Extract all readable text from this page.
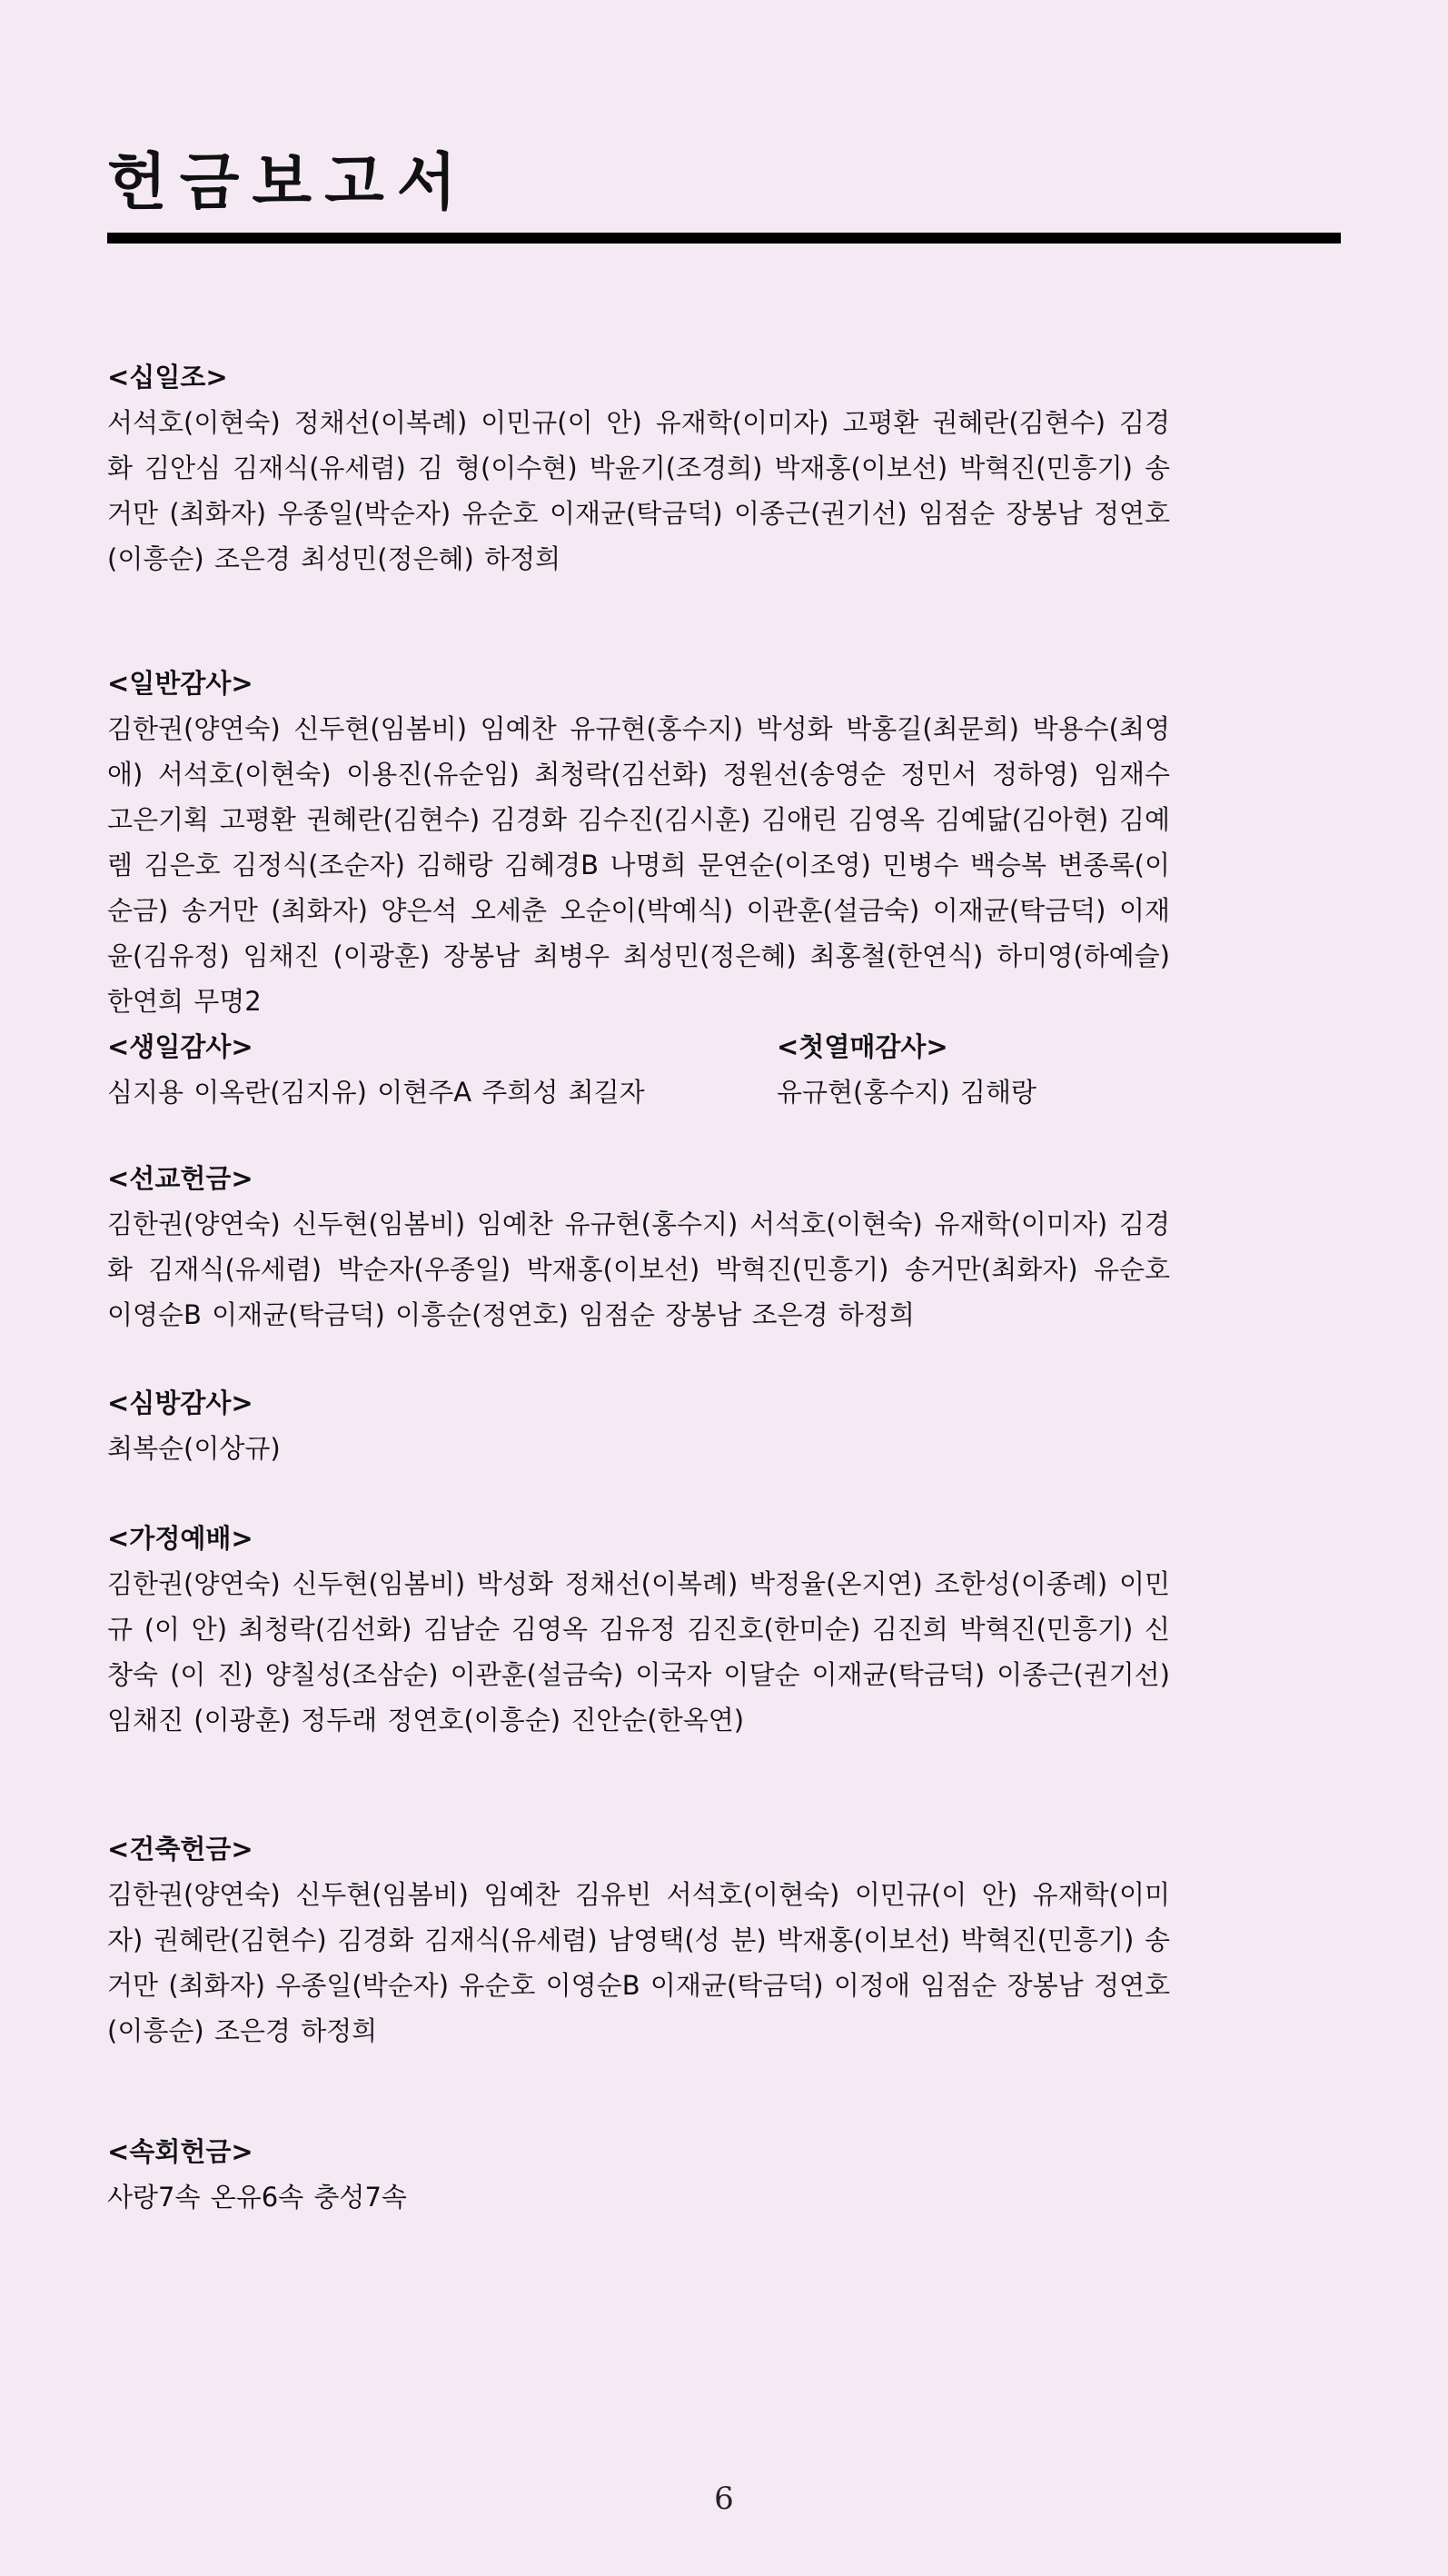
헌금보고서

<십일조>

서석호(이현숙) 정채선(이복례) 이민규(이 안) 유재학(이미자) 고평환 권혜란(김현수) 김경화 김안심 김재식(유세렴) 김 형(이수현) 박윤기(조경희) 박재홍(이보선) 박혁진(민흥기) 송거만 (최화자) 우종일(박순자) 유순호 이재균(탁금덕) 이종근(권기선) 임점순 장봉남 정연호(이흥순) 조은경 최성민(정은혜) 하정희

<일반감사>

김한권(양연숙) 신두현(임봄비) 임예찬 유규현(홍수지) 박성화 박홍길(최문희) 박용수(최영애) 서석호(이현숙) 이용진(유순임) 최청락(김선화) 정원선(송영순 정민서 정하영) 임재수 고은기획 고평환 권혜란(김현수) 김경화 김수진(김시훈) 김애린 김영옥 김예닮(김아현) 김예렘 김은호 김정식(조순자) 김해랑 김혜경B 나명희 문연순(이조영) 민병수 백승복 변종록(이순금) 송거만 (최화자) 양은석 오세춘 오순이(박예식) 이관훈(설금숙) 이재균(탁금덕) 이재윤(김유정) 임채진 (이광훈) 장봉남 최병우 최성민(정은혜) 최홍철(한연식) 하미영(하예슬) 한연희 무명2

<생일감사>

심지용 이옥란(김지유) 이현주A 주희성 최길자

<첫열매감사>

유규현(홍수지) 김해랑

<선교헌금>

김한권(양연숙) 신두현(임봄비) 임예찬 유규현(홍수지) 서석호(이현숙) 유재학(이미자) 김경화 김재식(유세렴) 박순자(우종일) 박재홍(이보선) 박혁진(민흥기) 송거만(최화자) 유순호 이영순B 이재균(탁금덕) 이흥순(정연호) 임점순 장봉남 조은경 하정희

<심방감사>

최복순(이상규)

<가정예배>

김한권(양연숙) 신두현(임봄비) 박성화 정채선(이복례) 박정율(온지연) 조한성(이종례) 이민규 (이 안) 최청락(김선화) 김남순 김영옥 김유정 김진호(한미순) 김진희 박혁진(민흥기) 신창숙 (이 진) 양칠성(조삼순) 이관훈(설금숙) 이국자 이달순 이재균(탁금덕) 이종근(권기선) 임채진 (이광훈) 정두래 정연호(이흥순) 진안순(한옥연)

<건축헌금>

김한권(양연숙) 신두현(임봄비) 임예찬 김유빈 서석호(이현숙) 이민규(이 안) 유재학(이미자) 권혜란(김현수) 김경화 김재식(유세렴) 남영택(성 분) 박재홍(이보선) 박혁진(민흥기) 송거만 (최화자) 우종일(박순자) 유순호 이영순B 이재균(탁금덕) 이정애 임점순 장봉남 정연호(이흥순) 조은경 하정희

<속회헌금>

사랑7속 온유6속 충성7속

6
